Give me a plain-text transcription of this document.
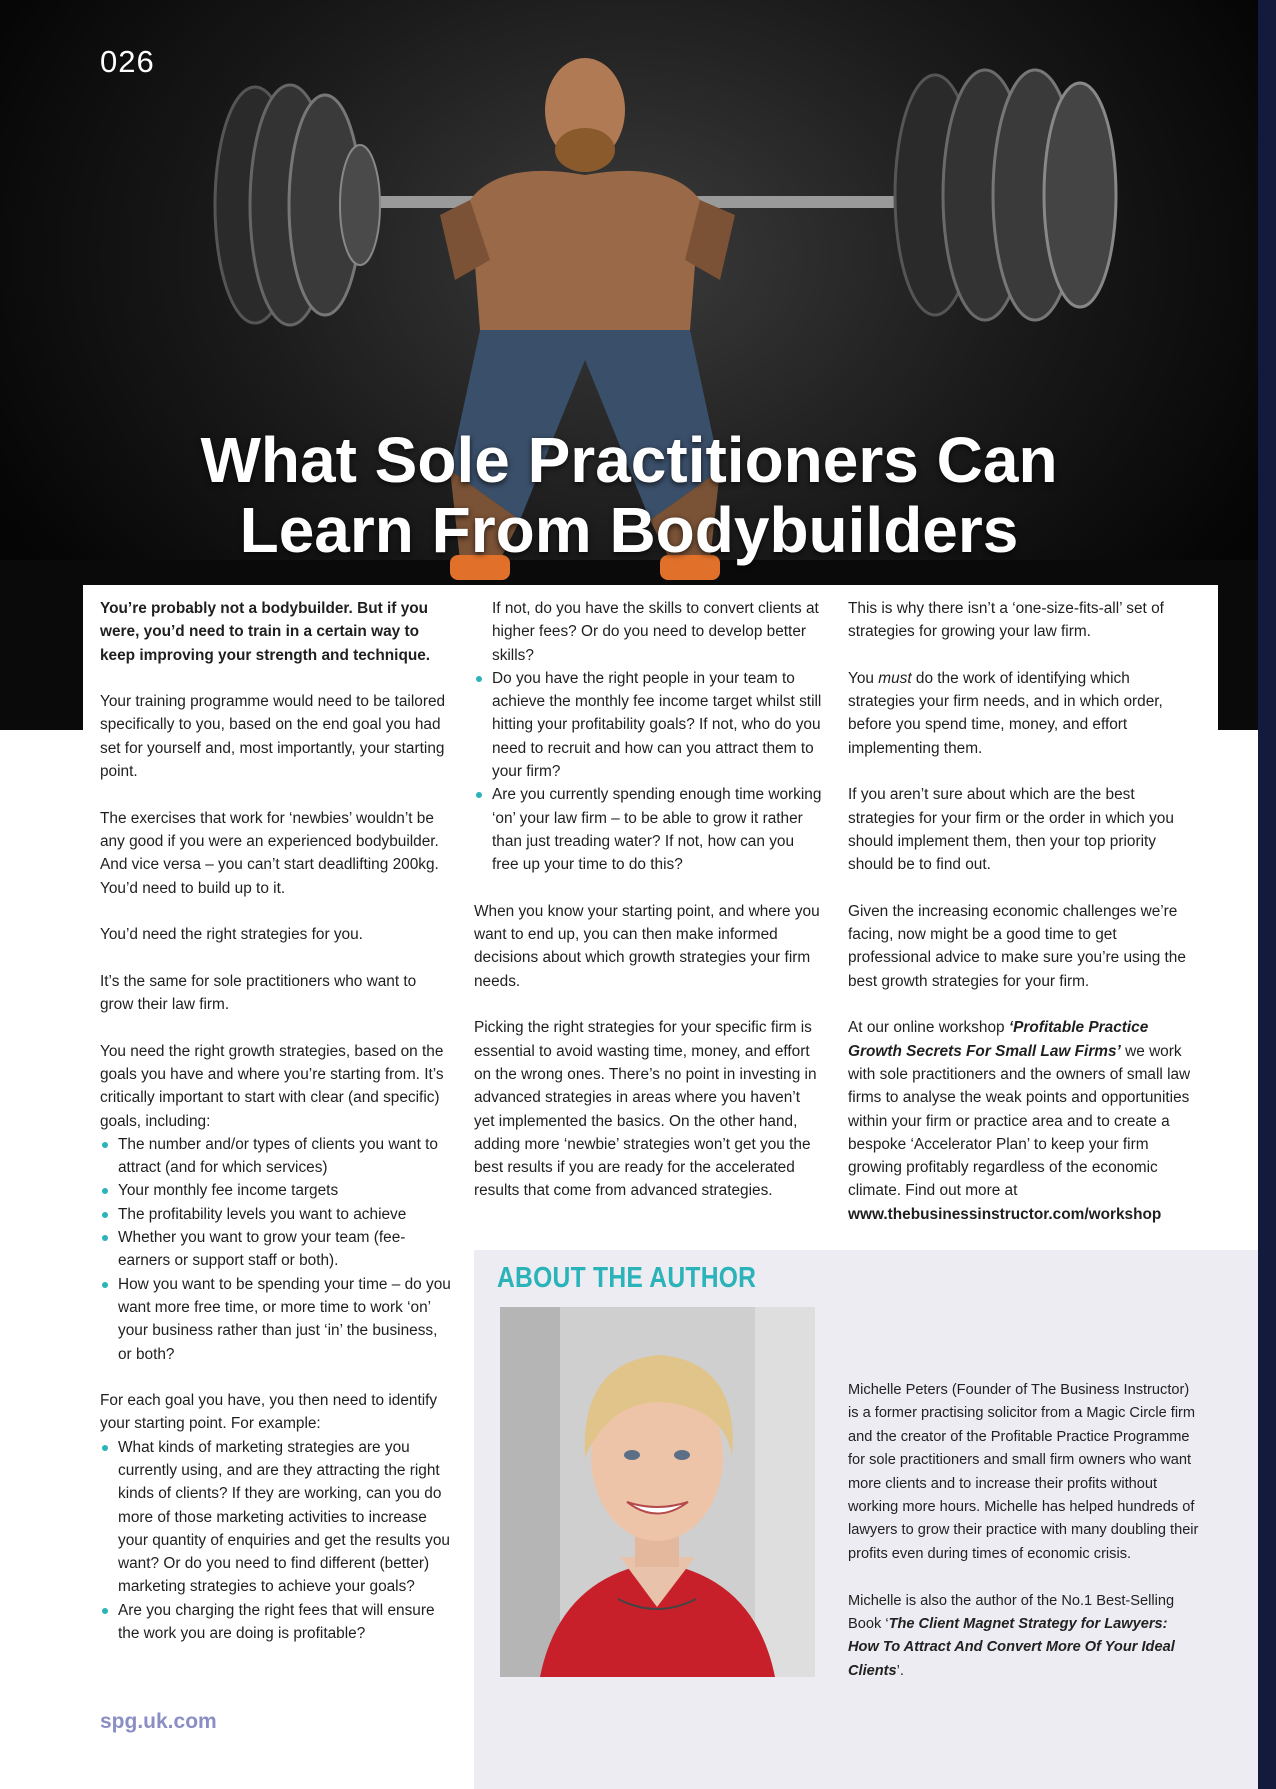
026
What Sole Practitioners Can
Learn From Bodybuilders

You’re probably not a bodybuilder. But if you were, you’d need to train in a certain way to keep improving your strength and technique.

Your training programme would need to be tailored specifically to you, based on the end goal you had set for yourself and, most importantly, your starting point.

The exercises that work for ‘newbies’ wouldn’t be any good if you were an experienced bodybuilder. And vice versa – you can’t start deadlifting 200kg. You’d need to build up to it.

You’d need the right strategies for you.

It’s the same for sole practitioners who want to grow their law firm.

You need the right growth strategies, based on the goals you have and where you’re starting from. It’s critically important to start with clear (and specific) goals, including:

The number and/or types of clients you want to attract (and for which services)
Your monthly fee income targets
The profitability levels you want to achieve
Whether you want to grow your team (fee-earners or support staff or both).
How you want to be spending your time – do you want more free time, or more time to work ‘on’ your business rather than just ‘in’ the business, or both?

For each goal you have, you then need to identify your starting point. For example:

What kinds of marketing strategies are you currently using, and are they attracting the right kinds of clients? If they are working, can you do more of those marketing activities to increase your quantity of enquiries and get the results you want? Or do you need to find different (better) marketing strategies to achieve your goals?
Are you charging the right fees that will ensure the work you are doing is profitable?

If not, do you have the skills to convert clients at higher fees? Or do you need to develop better skills?

Do you have the right people in your team to achieve the monthly fee income target whilst still hitting your profitability goals? If not, who do you need to recruit and how can you attract them to your firm?
Are you currently spending enough time working ‘on’ your law firm – to be able to grow it rather than just treading water? If not, how can you free up your time to do this?

When you know your starting point, and where you want to end up, you can then make informed decisions about which growth strategies your firm needs.

Picking the right strategies for your specific firm is essential to avoid wasting time, money, and effort on the wrong ones. There’s no point in investing in advanced strategies in areas where you haven’t yet implemented the basics. On the other hand, adding more ‘newbie’ strategies won’t get you the best results if you are ready for the accelerated results that come from advanced strategies.

This is why there isn’t a ‘one-size-fits-all’ set of strategies for growing your law firm.

You must do the work of identifying which strategies your firm needs, and in which order, before you spend time, money, and effort implementing them.

If you aren’t sure about which are the best strategies for your firm or the order in which you should implement them, then your top priority should be to find out.

Given the increasing economic challenges we’re facing, now might be a good time to get professional advice to make sure you’re using the best growth strategies for your firm.

At our online workshop ‘Profitable Practice Growth Secrets For Small Law Firms’ we work with sole practitioners and the owners of small law firms to analyse the weak points and opportunities within your firm or practice area and to create a bespoke ‘Accelerator Plan’ to keep your firm growing profitably regardless of the economic climate. Find out more at
www.thebusinessinstructor.com/workshop

ABOUT THE AUTHOR

Michelle Peters (Founder of The Business Instructor) is a former practising solicitor from a Magic Circle firm and the creator of the Profitable Practice Programme for sole practitioners and small firm owners who want more clients and to increase their profits without working more hours. Michelle has helped hundreds of lawyers to grow their practice with many doubling their profits even during times of economic crisis.

Michelle is also the author of the No.1 Best-Selling Book ‘The Client Magnet Strategy for Lawyers: How To Attract And Convert More Of Your Ideal Clients’.

spg.uk.com
